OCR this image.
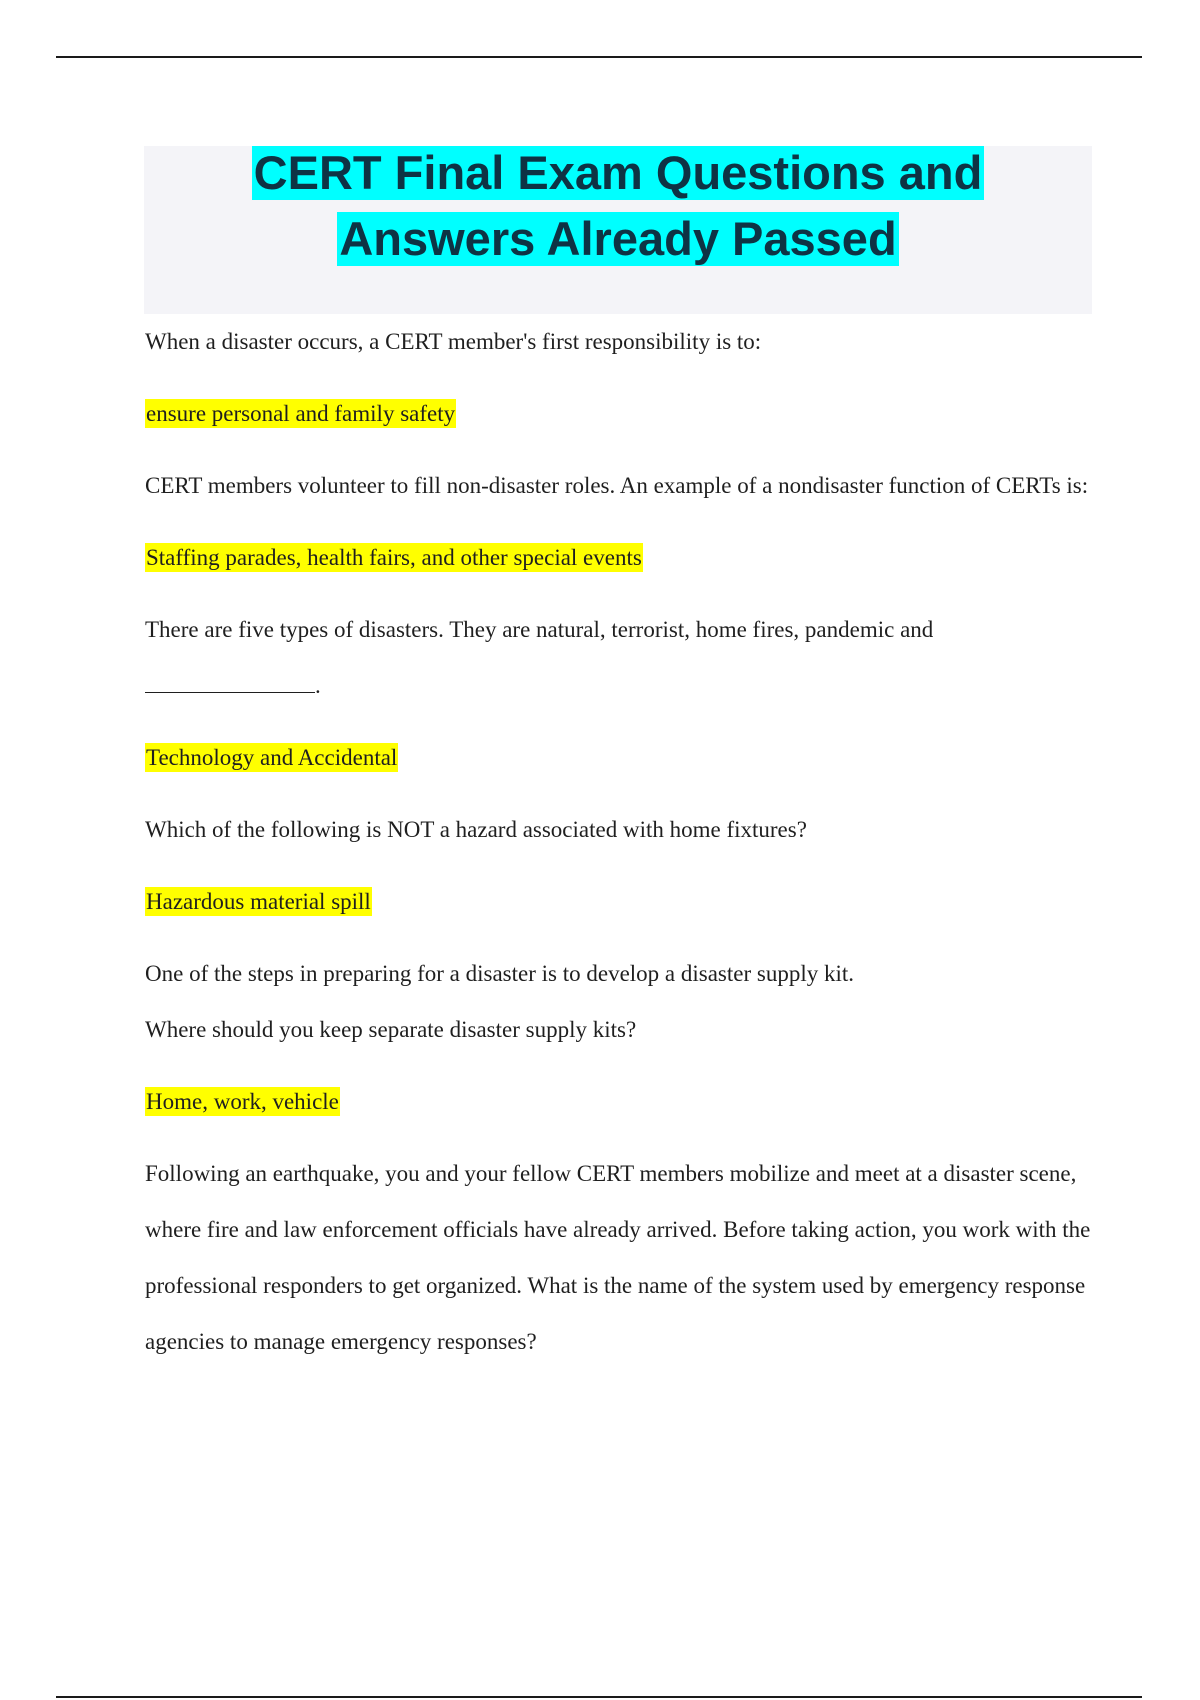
CERT Final Exam Questions and
Answers Already Passed

When a disaster occurs, a CERT member's first responsibility is to:

ensure personal and family safety

CERT members volunteer to fill non-disaster roles. An example of a nondisaster function of CERTs is:

Staffing parades, health fairs, and other special events

There are five types of disasters. They are natural, terrorist, home fires, pandemic and
.

Technology and Accidental

Which of the following is NOT a hazard associated with home fixtures?

Hazardous material spill

One of the steps in preparing for a disaster is to develop a disaster supply kit.
Where should you keep separate disaster supply kits?

Home, work, vehicle

Following an earthquake, you and your fellow CERT members mobilize and meet at a disaster scene, where fire and law enforcement officials have already arrived. Before taking action, you work with the professional responders to get organized. What is the name of the system used by emergency response agencies to manage emergency responses?
